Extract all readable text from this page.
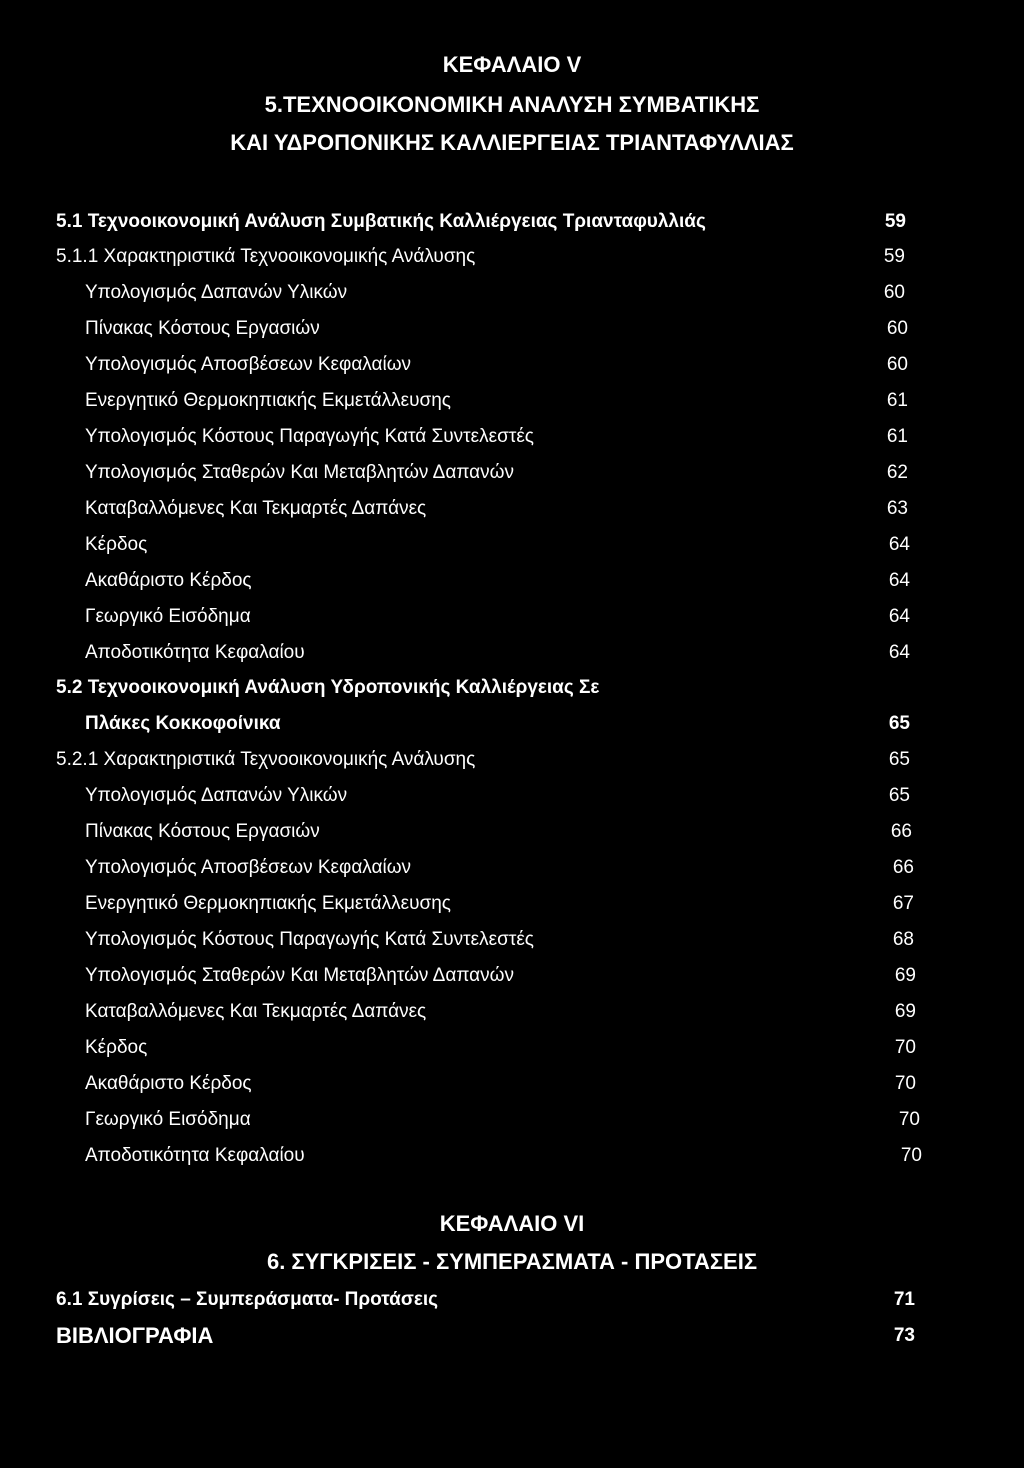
ΚΕΦΑΛΑΙΟ V
5.ΤΕΧΝΟΟΙΚΟΝΟΜΙΚΗ ΑΝΑΛΥΣΗ ΣΥΜΒΑΤΙΚΗΣ
ΚΑΙ ΥΔΡΟΠΟΝΙΚΗΣ ΚΑΛΛΙΕΡΓΕΙΑΣ ΤΡΙΑΝΤΑΦΥΛΛΙΑΣ
5.1 Τεχνοοικονομική Ανάλυση Συμβατικής Καλλιέργειας Τριανταφυλλιάς	59
5.1.1 Χαρακτηριστικά Τεχνοοικονομικής Ανάλυσης	59
Υπολογισμός Δαπανών Υλικών	60
Πίνακας Κόστους Εργασιών	60
Υπολογισμός Αποσβέσεων Κεφαλαίων	60
Ενεργητικό Θερμοκηπιακής Εκμετάλλευσης	61
Υπολογισμός Κόστους Παραγωγής Κατά Συντελεστές	61
Υπολογισμός Σταθερών Και Μεταβλητών Δαπανών	62
Καταβαλλόμενες Και Τεκμαρτές Δαπάνες	63
Κέρδος	64
Ακαθάριστο Κέρδος	64
Γεωργικό Εισόδημα	64
Αποδοτικότητα Κεφαλαίου	64
5.2 Τεχνοοικονομική Ανάλυση Υδροπονικής Καλλιέργειας Σε
Πλάκες Κοκκοφοίνικα	65
5.2.1 Χαρακτηριστικά Τεχνοοικονομικής Ανάλυσης	65
Υπολογισμός Δαπανών Υλικών	65
Πίνακας Κόστους Εργασιών	66
Υπολογισμός Αποσβέσεων Κεφαλαίων	66
Ενεργητικό Θερμοκηπιακής Εκμετάλλευσης	67
Υπολογισμός Κόστους Παραγωγής Κατά Συντελεστές	68
Υπολογισμός Σταθερών Και Μεταβλητών Δαπανών	69
Καταβαλλόμενες Και Τεκμαρτές Δαπάνες	69
Κέρδος	70
Ακαθάριστο Κέρδος	70
Γεωργικό Εισόδημα	70
Αποδοτικότητα Κεφαλαίου	70
ΚΕΦΑΛΑΙΟ VI
6. ΣΥΓΚΡΙΣΕΙΣ - ΣΥΜΠΕΡΑΣΜΑΤΑ - ΠΡΟΤΑΣΕΙΣ
6.1 Συγρίσεις – Συμπεράσματα- Προτάσεις	71
ΒΙΒΛΙΟΓΡΑΦΙΑ	73
